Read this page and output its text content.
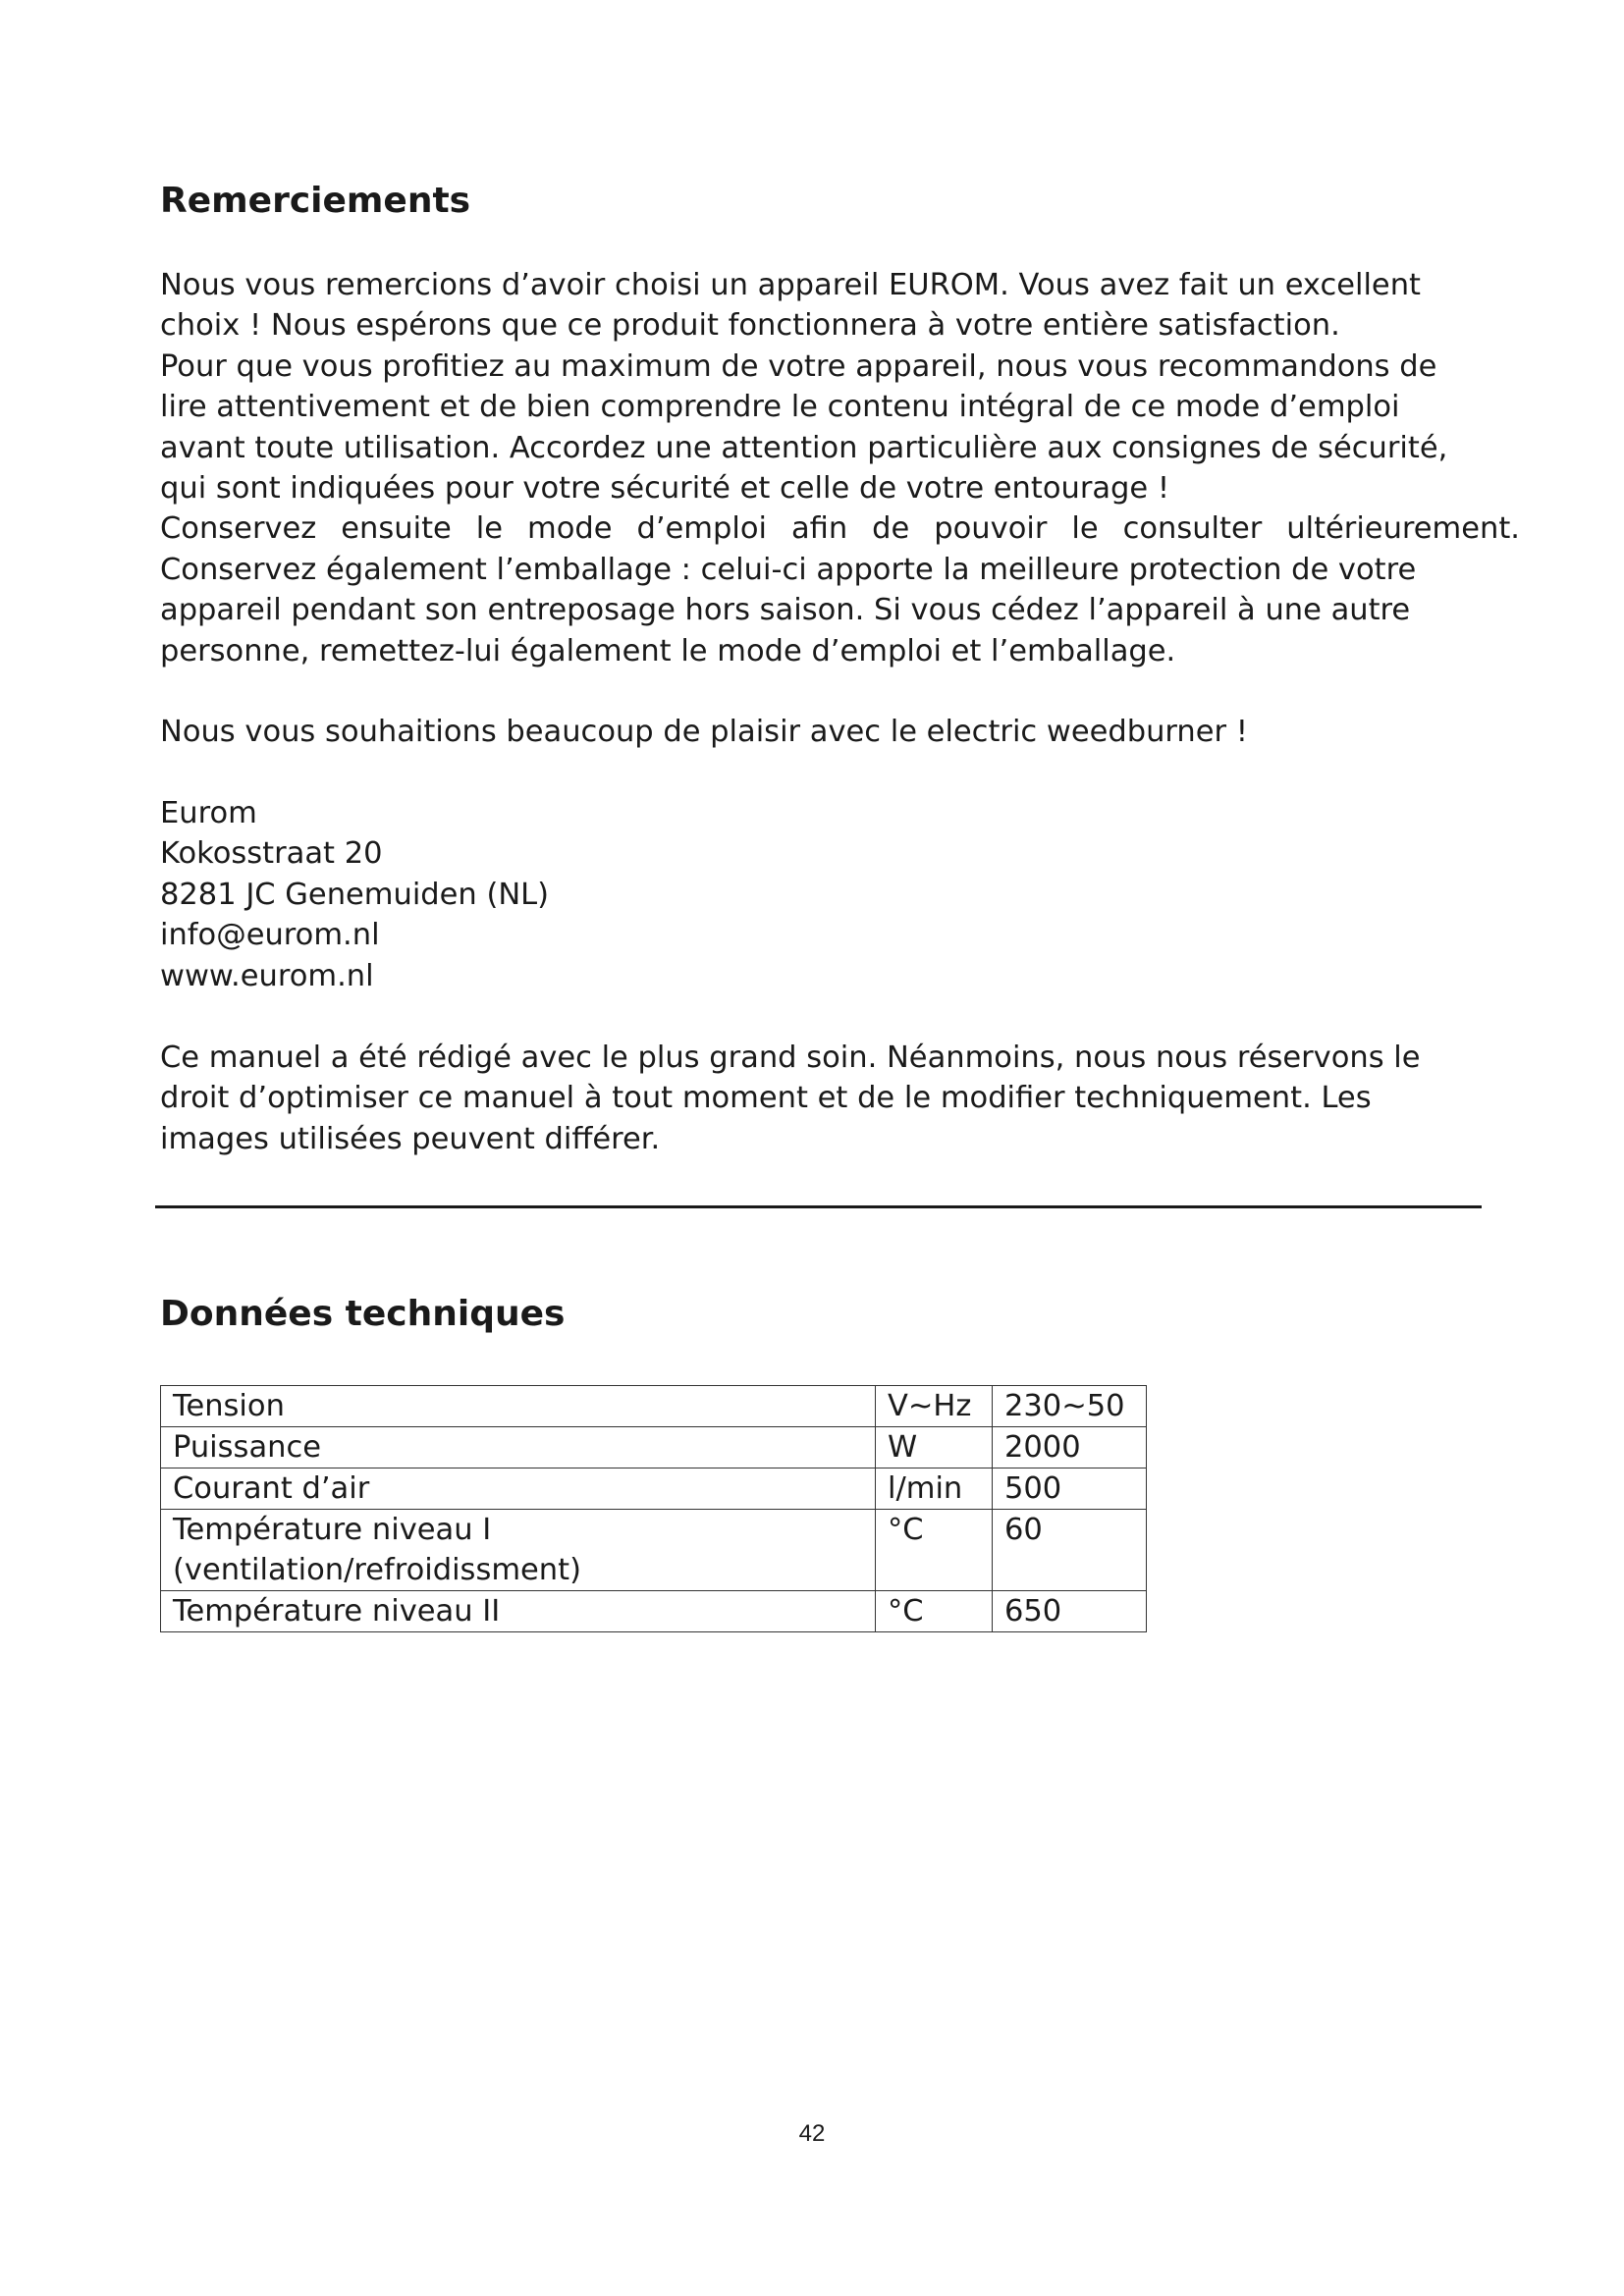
Remerciements
Nous vous remercions d’avoir choisi un appareil EUROM. Vous avez fait un excellent
choix ! Nous espérons que ce produit fonctionnera à votre entière satisfaction.
Pour que vous profitiez au maximum de votre appareil, nous vous recommandons de
lire attentivement et de bien comprendre le contenu intégral de ce mode d’emploi
avant toute utilisation. Accordez une attention particulière aux consignes de sécurité,
qui sont indiquées pour votre sécurité et celle de votre entourage !
Conservez ensuite le mode d’emploi afin de pouvoir le consulter ultérieurement.
Conservez également l’emballage : celui-ci apporte la meilleure protection de votre
appareil pendant son entreposage hors saison. Si vous cédez l’appareil à une autre
personne, remettez-lui également le mode d’emploi et l’emballage.

Nous vous souhaitions beaucoup de plaisir avec le electric weedburner !

Eurom
Kokosstraat 20
8281 JC Genemuiden (NL)
info@eurom.nl
www.eurom.nl
Ce manuel a été rédigé avec le plus grand soin. Néanmoins, nous nous réservons le
droit d’optimiser ce manuel à tout moment et de le modifier techniquement. Les
images utilisées peuvent différer.
Données techniques
Tension	V~Hz	230~50

Puissance	W	2000

Courant d’air	l/min	500

Température niveau I
(ventilation/refroidissment)	°C	60

Température niveau II	°C	650
42
